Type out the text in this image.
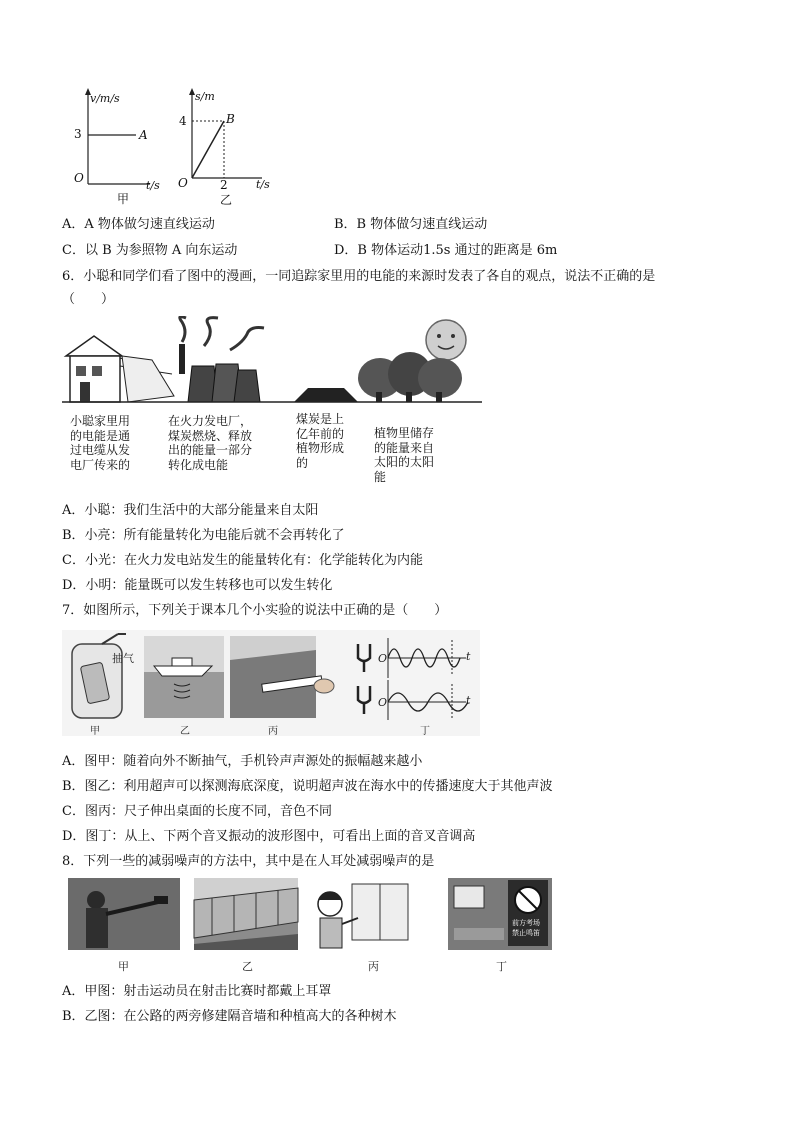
v/m/s
3	A
O
t/s
甲
s/m
4	B
O	2	t/s
乙
A．A 物体做匀速直线运动	B．B 物体做匀速直线运动
C．以 B 为参照物 A 向东运动	D．B 物体运动1.5s 通过的距离是 6m
6．小聪和同学们看了图中的漫画，一同追踪家里用的电能的来源时发表了各自的观点，说法不正确的是
（　　）
小聪家里用
的电能是通
过电缆从发
电厂传来的
在火力发电厂，
煤炭燃烧、释放
出的能量一部分
转化成电能
煤炭是上
亿年前的
植物形成
的
植物里储存
的能量来自
太阳的太阳
能
A．小聪：我们生活中的大部分能量来自太阳
B．小亮：所有能量转化为电能后就不会再转化了
C．小光：在火力发电站发生的能量转化有：化学能转化为内能
D．小明：能量既可以发生转移也可以发生转化
7．如图所示，下列关于课本几个小实验的说法中正确的是（　　）
抽气	O	t
O	t
甲	乙	丙	丁
A．图甲：随着向外不断抽气，手机铃声声源处的振幅越来越小
B．图乙：利用超声可以探测海底深度，说明超声波在海水中的传播速度大于其他声波
C．图丙：尺子伸出桌面的长度不同，音色不同
D．图丁：从上、下两个音叉振动的波形图中，可看出上面的音叉音调高
8．下列一些的减弱噪声的方法中，其中是在人耳处减弱噪声的是
前方考场
禁止鸣笛
甲	乙	丙	丁
A．甲图：射击运动员在射击比赛时都戴上耳罩
B．乙图：在公路的两旁修建隔音墙和种植高大的各种树木
